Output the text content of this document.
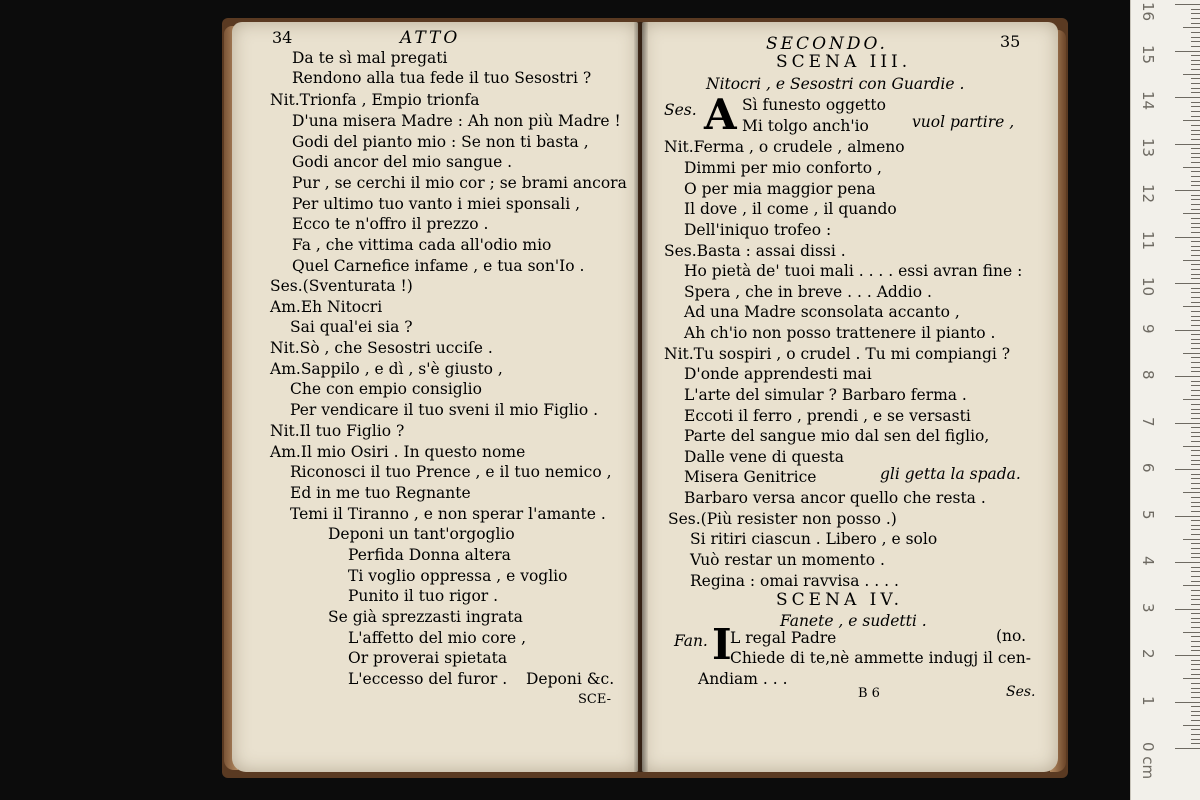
34	ATTO
Da te sì mal pregati
Rendono alla tua fede il tuo Sesostri ?
Nit.Trionfa , Empio trionfa
D'una misera Madre : Ah non più Madre !
Godi del pianto mio : Se non ti basta ,
Godi ancor del mio sangue .
Pur , se cerchi il mio cor ; se brami ancora
Per ultimo tuo vanto i miei sponsali ,
Ecco te n'offro il prezzo .
Fa , che vittima cada all'odio mio
Quel Carnefice infame , e tua son'Io .
Ses.(Sventurata !)
Am.Eh Nitocri
Sai qual'ei sia ?
Nit.Sò , che Sesostri ucciſe .
Am.Sappilo , e dì , s'è giusto ,
Che con empio consiglio
Per vendicare il tuo sveni il mio Figlio .
Nit.Il tuo Figlio ?
Am.Il mio Osiri . In questo nome
Riconosci il tuo Prence , e il tuo nemico ,
Ed in me tuo Regnante
Temi il Tiranno , e non sperar l'amante .
Deponi un tant'orgoglio
Perfida Donna altera
Ti voglio oppressa , e voglio
Punito il tuo rigor .
Se già sprezzasti ingrata
L'affetto del mio core ,
Or proverai spietata
L'eccesso del furor . Deponi &c.
SCE-
SECONDO.	35
SCENA III.
Nitocri , e Sesostri con Guardie .
Ses. A Sì funesto oggetto
Mi tolgo anch'io	vuol partire ,
Nit.Ferma , o crudele , almeno
Dimmi per mio conforto ,
O per mia maggior pena
Il dove , il come , il quando
Dell'iniquo trofeo :
Ses.Basta : assai dissi .
Ho pietà de' tuoi mali . . . . essi avran fine :
Spera , che in breve . . . Addio .
Ad una Madre sconsolata accanto ,
Ah ch'io non posso trattenere il pianto .
Nit.Tu sospiri , o crudel . Tu mi compiangi ?
D'onde apprendesti mai
L'arte del simular ? Barbaro ferma .
Eccoti il ferro , prendi , e se versasti
Parte del sangue mio dal sen del figlio,
Dalle vene di questa
Misera Genitrice	gli getta la spada.
Barbaro versa ancor quello che resta .
Ses.(Più resister non posso .)
Si ritiri ciascun . Libero , e solo
Vuò restar un momento .
Regina : omai ravvisa . . . .
SCENA IV.
Fanete , e sudetti .
Fan. I
L regal Padre	(no.
Chiede di te,nè ammette indugj il cen-
Andiam . . .
B 6	Ses.
16
15
14
13
12
11
10
9
8
7
6
5
4
3
2
1
0 cm
